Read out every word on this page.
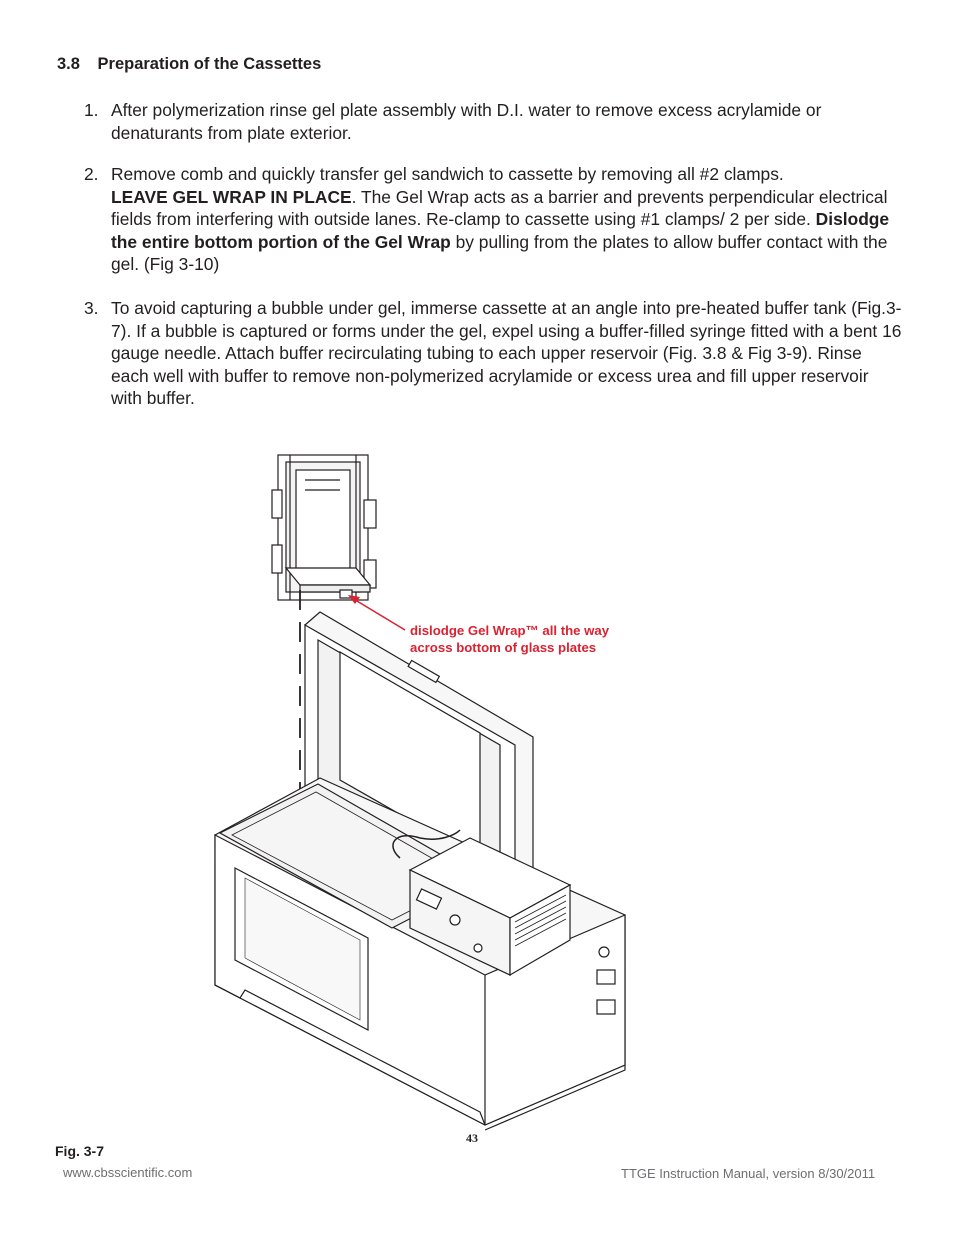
3.8 Preparation of the Cassettes
1. After polymerization rinse gel plate assembly with D.I. water to remove excess acrylamide or denaturants from plate exterior.
2. Remove comb and quickly transfer gel sandwich to cassette by removing all #2 clamps.
LEAVE GEL WRAP IN PLACE. The Gel Wrap acts as a barrier and prevents perpendicular electrical fields from interfering with outside lanes. Re-clamp to cassette using #1 clamps/ 2 per side. Dislodge the entire bottom portion of the Gel Wrap by pulling from the plates to allow buffer contact with the gel. (Fig 3-10)
3. To avoid capturing a bubble under gel, immerse cassette at an angle into pre-heated buffer tank (Fig.3-7). If a bubble is captured or forms under the gel, expel using a buffer-filled syringe fitted with a bent 16 gauge needle. Attach buffer recirculating tubing to each upper reservoir (Fig. 3.8 & Fig 3-9). Rinse each well with buffer to remove non-polymerized acrylamide or excess urea and fill upper reservoir with buffer.
dislodge Gel Wrap™ all the way
across bottom of glass plates
Fig. 3-7
43
www.cbsscientific.com	TTGE Instruction Manual, version 8/30/2011
